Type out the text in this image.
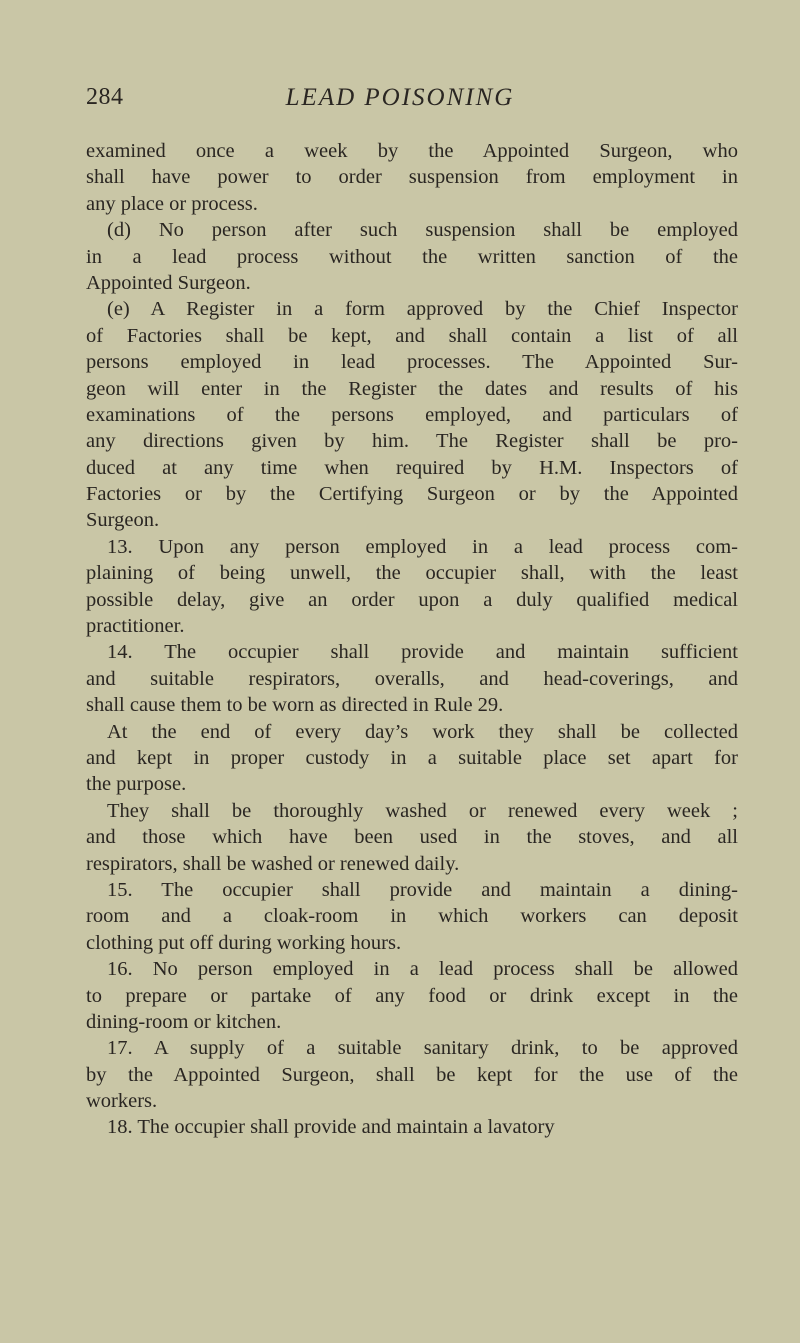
284	LEAD POISONING
examined once a week by the Appointed Surgeon, who
shall have power to order suspension from employment in
any place or process.
(d) No person after such suspension shall be employed
in a lead process without the written sanction of the
Appointed Surgeon.
(e) A Register in a form approved by the Chief Inspector
of Factories shall be kept, and shall contain a list of all
persons employed in lead processes. The Appointed Sur-
geon will enter in the Register the dates and results of his
examinations of the persons employed, and particulars of
any directions given by him. The Register shall be pro-
duced at any time when required by H.M. Inspectors of
Factories or by the Certifying Surgeon or by the Appointed
Surgeon.
13. Upon any person employed in a lead process com-
plaining of being unwell, the occupier shall, with the least
possible delay, give an order upon a duly qualified medical
practitioner.
14. The occupier shall provide and maintain sufficient
and suitable respirators, overalls, and head-coverings, and
shall cause them to be worn as directed in Rule 29.
At the end of every day’s work they shall be collected
and kept in proper custody in a suitable place set apart for
the purpose.
They shall be thoroughly washed or renewed every week ;
and those which have been used in the stoves, and all
respirators, shall be washed or renewed daily.
15. The occupier shall provide and maintain a dining-
room and a cloak-room in which workers can deposit
clothing put off during working hours.
16. No person employed in a lead process shall be allowed
to prepare or partake of any food or drink except in the
dining-room or kitchen.
17. A supply of a suitable sanitary drink, to be approved
by the Appointed Surgeon, shall be kept for the use of the
workers.
18. The occupier shall provide and maintain a lavatory
